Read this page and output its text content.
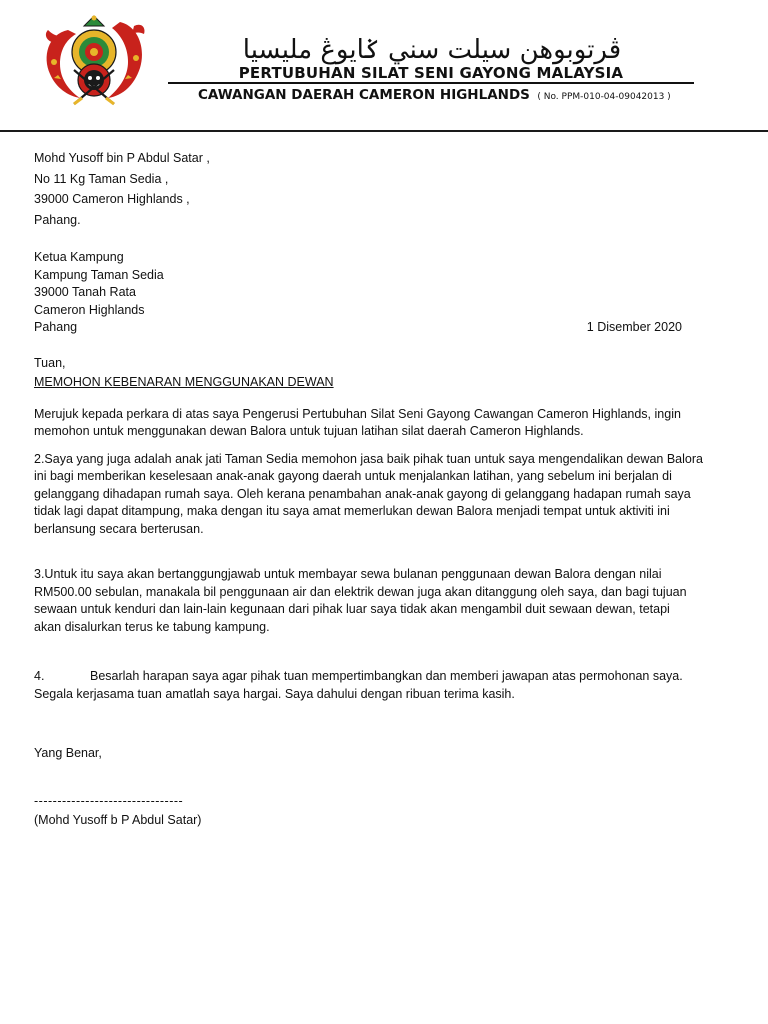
ڤرتوبوهن سيلت سني ݢايوڠ مليسيا
PERTUBUHAN SILAT SENI GAYONG MALAYSIA
CAWANGAN DAERAH CAMERON HIGHLANDS ( No. PPM-010-04-09042013 )
Mohd Yusoff bin P Abdul Satar ,
No 11 Kg Taman Sedia ,
39000 Cameron Highlands ,
Pahang.
Ketua Kampung
Kampung Taman Sedia
39000 Tanah Rata
Cameron Highlands
Pahang	1 Disember 2020
Tuan,
MEMOHON KEBENARAN MENGGUNAKAN DEWAN
Merujuk kepada perkara di atas saya Pengerusi Pertubuhan Silat Seni Gayong Cawangan Cameron Highlands, ingin
memohon untuk menggunakan dewan Balora untuk tujuan latihan silat daerah Cameron Highlands.
2.Saya yang juga adalah anak jati Taman Sedia memohon jasa baik pihak tuan untuk saya mengendalikan dewan Balora
ini bagi memberikan keselesaan anak-anak gayong daerah untuk menjalankan latihan, yang sebelum ini berjalan di
gelanggang dihadapan rumah saya. Oleh kerana penambahan anak-anak gayong di gelanggang hadapan rumah saya
tidak lagi dapat ditampung, maka dengan itu saya amat memerlukan dewan Balora menjadi tempat untuk aktiviti ini
berlansung secara berterusan.
3.Untuk itu saya akan bertanggungjawab untuk membayar sewa bulanan penggunaan dewan Balora dengan nilai
RM500.00 sebulan, manakala bil penggunaan air dan elektrik dewan juga akan ditanggung oleh saya, dan bagi tujuan
sewaan untuk kenduri dan lain-lain kegunaan dari pihak luar saya tidak akan mengambil duit sewaan dewan, tetapi
akan disalurkan terus ke tabung kampung.
4.	Besarlah harapan saya agar pihak tuan mempertimbangkan dan memberi jawapan atas permohonan saya.
Segala kerjasama tuan amatlah saya hargai. Saya dahului dengan ribuan terima kasih.
Yang Benar,
--------------------------------
(Mohd Yusoff b P Abdul Satar)
